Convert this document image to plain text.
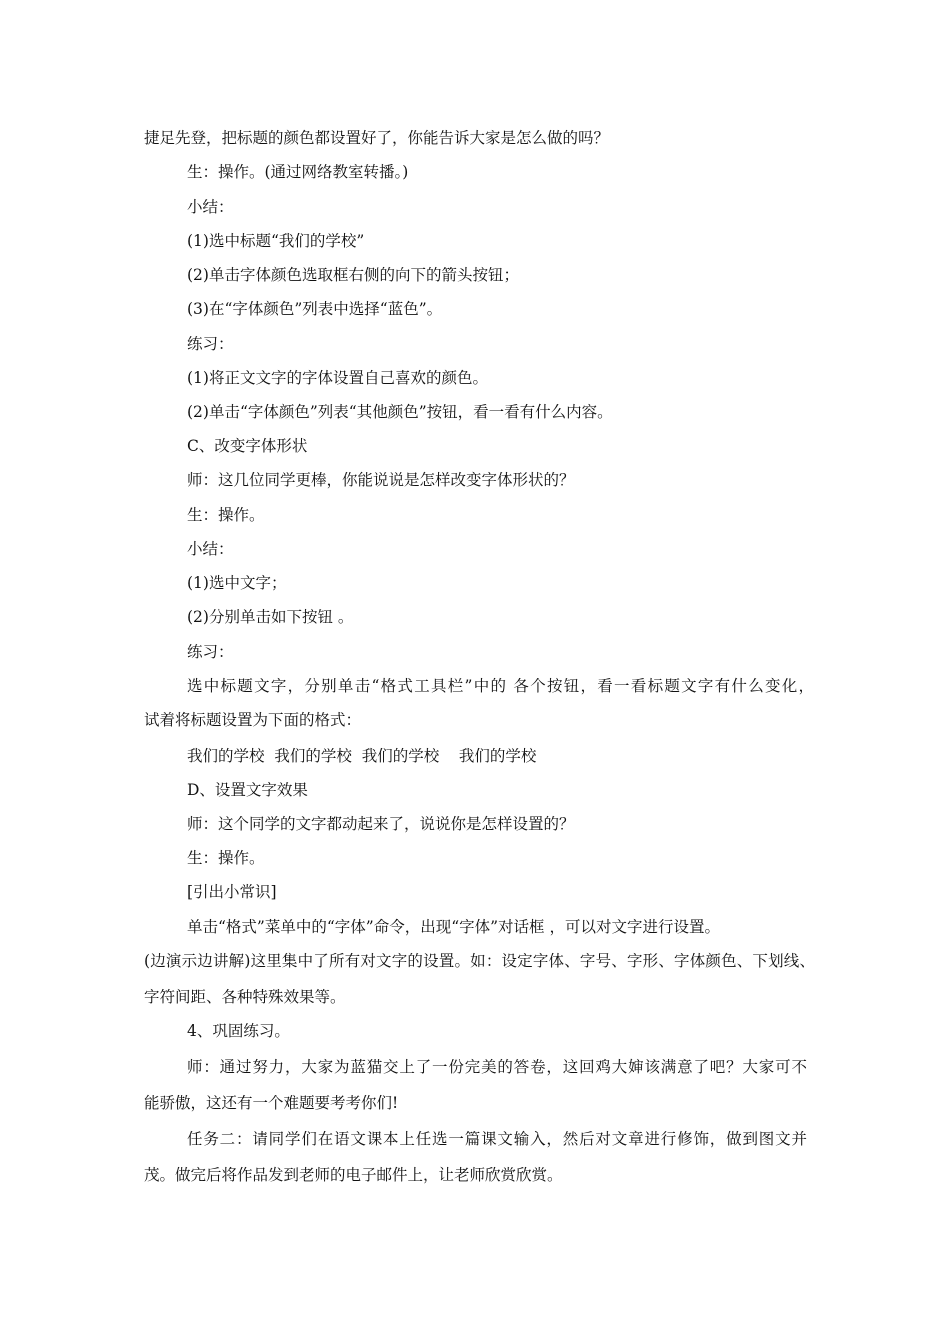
捷足先登，把标题的颜色都设置好了，你能告诉大家是怎么做的吗？
生：操作。(通过网络教室转播。)
小结：
(1)选中标题“我们的学校”
(2)单击字体颜色选取框右侧的向下的箭头按钮；
(3)在“字体颜色”列表中选择“蓝色”。
练习：
(1)将正文文字的字体设置自己喜欢的颜色。
(2)单击“字体颜色”列表“其他颜色”按钮，看一看有什么内容。
C、改变字体形状
师：这几位同学更棒，你能说说是怎样改变字体形状的？
生：操作。
小结：
(1)选中文字；
(2)分别单击如下按钮 。
练习：
选中标题文字，分别单击“格式工具栏”中的 各个按钮，看一看标题文字有什么变化，
试着将标题设置为下面的格式：
我们的学校  我们的学校  我们的学校    我们的学校
D、设置文字效果
师：这个同学的文字都动起来了，说说你是怎样设置的？
生：操作。
[引出小常识]
单击“格式”菜单中的“字体”命令，出现“字体”对话框 ，可以对文字进行设置。
(边演示边讲解)这里集中了所有对文字的设置。如：设定字体、字号、字形、字体颜色、下划线、
字符间距、各种特殊效果等。
4、巩固练习。
师：通过努力，大家为蓝猫交上了一份完美的答卷，这回鸡大婶该满意了吧？大家可不
能骄傲，这还有一个难题要考考你们!
任务二：请同学们在语文课本上任选一篇课文输入，然后对文章进行修饰，做到图文并
茂。做完后将作品发到老师的电子邮件上，让老师欣赏欣赏。
